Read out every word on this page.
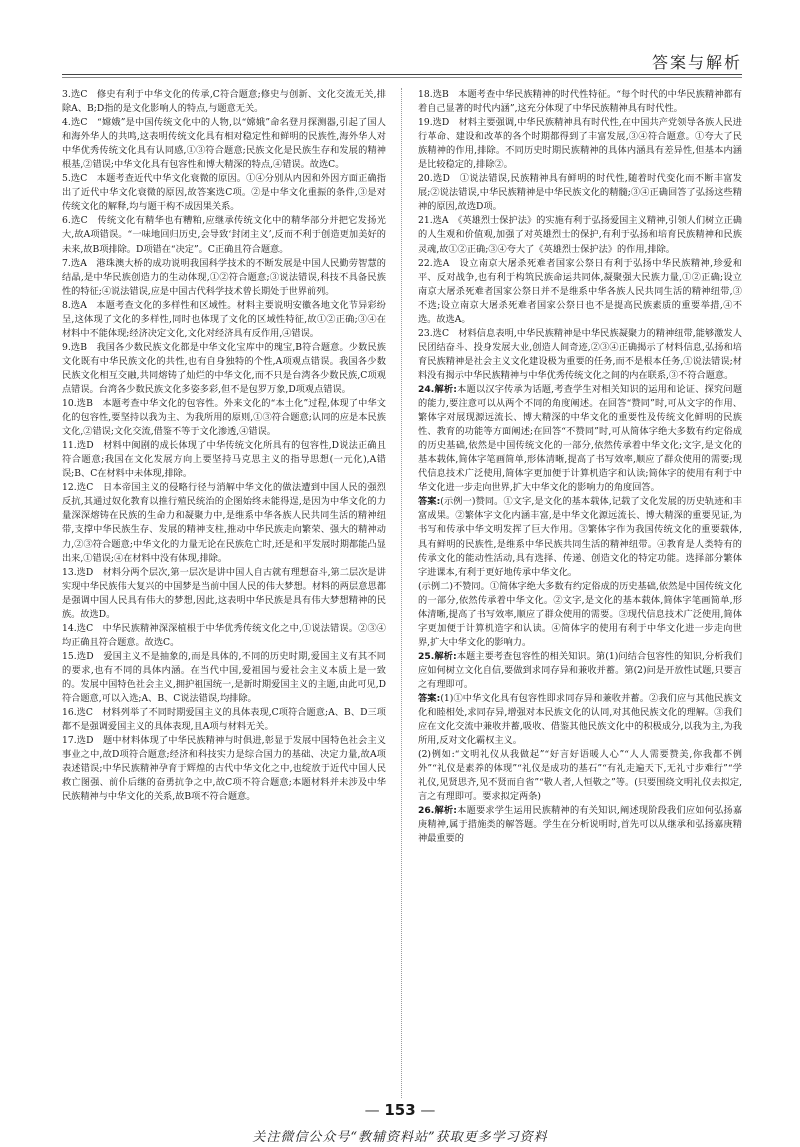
答案与解析

3.选C　修史有利于中华文化的传承,C符合题意;修史与创新、文化交流无关,排除A、B;D指的是文化影响人的特点,与题意无关。

4.选C　“嫦娥”是中国传统文化中的人物,以“嫦娥”命名登月探测器,引起了国人和海外华人的共鸣,这表明传统文化具有相对稳定性和鲜明的民族性,海外华人对中华优秀传统文化具有认同感,①③符合题意;民族文化是民族生存和发展的精神根基,②错误;中华文化具有包容性和博大精深的特点,④错误。故选C。

5.选C　本题考查近代中华文化衰微的原因。①④分别从内因和外因方面正确指出了近代中华文化衰微的原因,故答案选C项。②是中华文化重振的条件,③是对传统文化的解释,均与题干构不成因果关系。

6.选C　传统文化有精华也有糟粕,应继承传统文化中的精华部分并把它发扬光大,故A项错误。“一味地回归历史,会导致‘封闭主义’,反而不利于创造更加美好的未来,故B项排除。D项错在“决定”。C正确且符合题意。

7.选A　港珠澳大桥的成功说明我国科学技术的不断发展是中国人民勤劳智慧的结晶,是中华民族创造力的生动体现,①②符合题意;③说法错误,科技不具备民族性的特征;④说法错误,应是中国古代科学技术曾长期处于世界前列。

8.选A　本题考查文化的多样性和区域性。材料主要说明安徽各地文化节异彩纷呈,这体现了文化的多样性,同时也体现了文化的区域性特征,故①②正确;③④在材料中不能体现;经济决定文化,文化对经济具有反作用,④错误。

9.选B　我国各少数民族文化都是中华文化宝库中的瑰宝,B符合题意。少数民族文化既有中华民族文化的共性,也有自身独特的个性,A项观点错误。我国各少数民族文化相互交融,共同熔铸了灿烂的中华文化,而不只是台湾各少数民族,C项观点错误。台湾各少数民族文化多姿多彩,但不是包罗万象,D项观点错误。

10.选B　本题考查中华文化的包容性。外来文化的“本土化”过程,体现了中华文化的包容性,要坚持以我为主、为我所用的原则,①③符合题意;认同的应是本民族文化,②错误;文化交流,借鉴不等于文化渗透,④错误。

11.选D　材料中闽剧的成长体现了中华传统文化所具有的包容性,D说法正确且符合题意;我国在文化发展方向上要坚持马克思主义的指导思想(一元化),A错误;B、C在材料中未体现,排除。

12.选C　日本帝国主义的侵略行径与消解中华文化的做法遭到中国人民的强烈反抗,其通过奴化教育以推行殖民统治的企图始终未能得逞,是因为中华文化的力量深深熔铸在民族的生命力和凝聚力中,是维系中华各族人民共同生活的精神纽带,支撑中华民族生存、发展的精神支柱,推动中华民族走向繁荣、强大的精神动力,②③符合题意;中华文化的力量无论在民族危亡时,还是和平发展时期都能凸显出来,①错误;④在材料中没有体现,排除。

13.选D　材料分两个层次,第一层次是讲中国人自古就有理想奋斗,第二层次是讲实现中华民族伟大复兴的中国梦是当前中国人民的伟大梦想。材料的两层意思都是强调中国人民具有伟大的梦想,因此,这表明中华民族是具有伟大梦想精神的民族。故选D。

14.选C　中华民族精神深深植根于中华优秀传统文化之中,①说法错误。②③④均正确且符合题意。故选C。

15.选D　爱国主义不是抽象的,而是具体的,不同的历史时期,爱国主义有其不同的要求,也有不同的具体内涵。在当代中国,爱祖国与爱社会主义本质上是一致的。发展中国特色社会主义,拥护祖国统一,是新时期爱国主义的主题,由此可见,D符合题意,可以入选;A、B、C说法错误,均排除。

16.选C　材料列举了不同时期爱国主义的具体表现,C项符合题意;A、B、D三项都不是强调爱国主义的具体表现,且A项与材料无关。

17.选D　题中材料体现了中华民族精神与时俱进,彰显于发展中国特色社会主义事业之中,故D项符合题意;经济和科技实力是综合国力的基础、决定力量,故A项表述错误;中华民族精神孕育于辉煌的古代中华文化之中,也绽放于近代中国人民救亡图强、前仆后继的奋勇抗争之中,故C项不符合题意;本题材料并未涉及中华民族精神与中华文化的关系,故B项不符合题意。

18.选B　本题考查中华民族精神的时代性特征。“每个时代的中华民族精神都有着自己显著的时代内涵”,这充分体现了中华民族精神具有时代性。

19.选D　材料主要强调,中华民族精神具有时代性,在中国共产党领导各族人民进行革命、建设和改革的各个时期都得到了丰富发展,③④符合题意。①夸大了民族精神的作用,排除。不同历史时期民族精神的具体内涵具有差异性,但基本内涵是比较稳定的,排除②。

20.选D　①说法错误,民族精神具有鲜明的时代性,随着时代变化而不断丰富发展;②说法错误,中华民族精神是中华民族文化的精髓;③④正确回答了弘扬这些精神的原因,故选D项。

21.选A　《英雄烈士保护法》的实施有利于弘扬爱国主义精神,引领人们树立正确的人生观和价值观,加强了对英雄烈士的保护,有利于弘扬和培育民族精神和民族灵魂,故①②正确;③④夸大了《英雄烈士保护法》的作用,排除。

22.选A　设立南京大屠杀死难者国家公祭日有利于弘扬中华民族精神,珍爱和平、反对战争,也有利于构筑民族命运共同体,凝聚强大民族力量,①②正确;设立南京大屠杀死难者国家公祭日并不是维系中华各族人民共同生活的精神纽带,③不选;设立南京大屠杀死难者国家公祭日也不是提高民族素质的重要举措,④不选。故选A。

23.选C　材料信息表明,中华民族精神是中华民族凝聚力的精神纽带,能够激发人民团结奋斗、投身发展大业,创造人间奇迹,②③④正确揭示了材料信息,弘扬和培育民族精神是社会主义文化建设极为重要的任务,而不是根本任务,①说法错误;材料没有揭示中华民族精神与中华优秀传统文化之间的内在联系,③不符合题意。

24.解析:本题以汉字传承为话题,考查学生对相关知识的运用和论证、探究问题的能力,要注意可以从两个不同的角度阐述。在回答“赞同”时,可从文字的作用、繁体字对展现源远流长、博大精深的中华文化的重要性及传统文化鲜明的民族性、教育的功能等方面阐述;在回答“不赞同”时,可从简体字绝大多数有约定俗成的历史基础,依然是中国传统文化的一部分,依然传承着中华文化;文字,是文化的基本载体,简体字笔画简单,形体清晰,提高了书写效率,顺应了群众使用的需要;现代信息技术广泛使用,简体字更加便于计算机造字和认读;简体字的使用有利于中华文化进一步走向世界,扩大中华文化的影响力的角度回答。

答案:(示例一)赞同。①文字,是文化的基本载体,记载了文化发展的历史轨迹和丰富成果。②繁体字文化内涵丰富,是中华文化源远流长、博大精深的重要见证,为书写和传承中华文明发挥了巨大作用。③繁体字作为我国传统文化的重要载体,具有鲜明的民族性,是维系中华民族共同生活的精神纽带。④教育是人类特有的传承文化的能动性活动,具有选择、传递、创造文化的特定功能。选择部分繁体字进课本,有利于更好地传承中华文化。

(示例二)不赞同。①简体字绝大多数有约定俗成的历史基础,依然是中国传统文化的一部分,依然传承着中华文化。②文字,是文化的基本载体,简体字笔画简单,形体清晰,提高了书写效率,顺应了群众使用的需要。③现代信息技术广泛使用,简体字更加便于计算机造字和认读。④简体字的使用有利于中华文化进一步走向世界,扩大中华文化的影响力。

25.解析:本题主要考查包容性的相关知识。第(1)问结合包容性的知识,分析我们应如何树立文化自信,要做到求同存异和兼收并蓄。第(2)问是开放性试题,只要言之有理即可。

答案:(1)①中华文化具有包容性即求同存异和兼收并蓄。②我们应与其他民族文化和睦相处,求同存异,增强对本民族文化的认同,对其他民族文化的理解。③我们应在文化交流中兼收并蓄,吸收、借鉴其他民族文化中的积极成分,以我为主,为我所用,反对文化霸权主义。

(2)例如:“文明礼仪从我做起”“好言好语暖人心”“人人需要赞美,你我都不例外”“礼仪是素养的体现”“礼仪是成功的基石”“有礼走遍天下,无礼寸步难行”“学礼仪,见贤思齐,见不贤而自省”“敬人者,人恒敬之”等。(只要围绕文明礼仪去拟定,言之有理即可。要求拟定两条)

26.解析:本题要求学生运用民族精神的有关知识,阐述现阶段我们应如何弘扬嘉庚精神,属于措施类的解答题。学生在分析说明时,首先可以从继承和弘扬嘉庚精神最重要的

— 153 —
关注微信公众号“教辅资料站”获取更多学习资料
